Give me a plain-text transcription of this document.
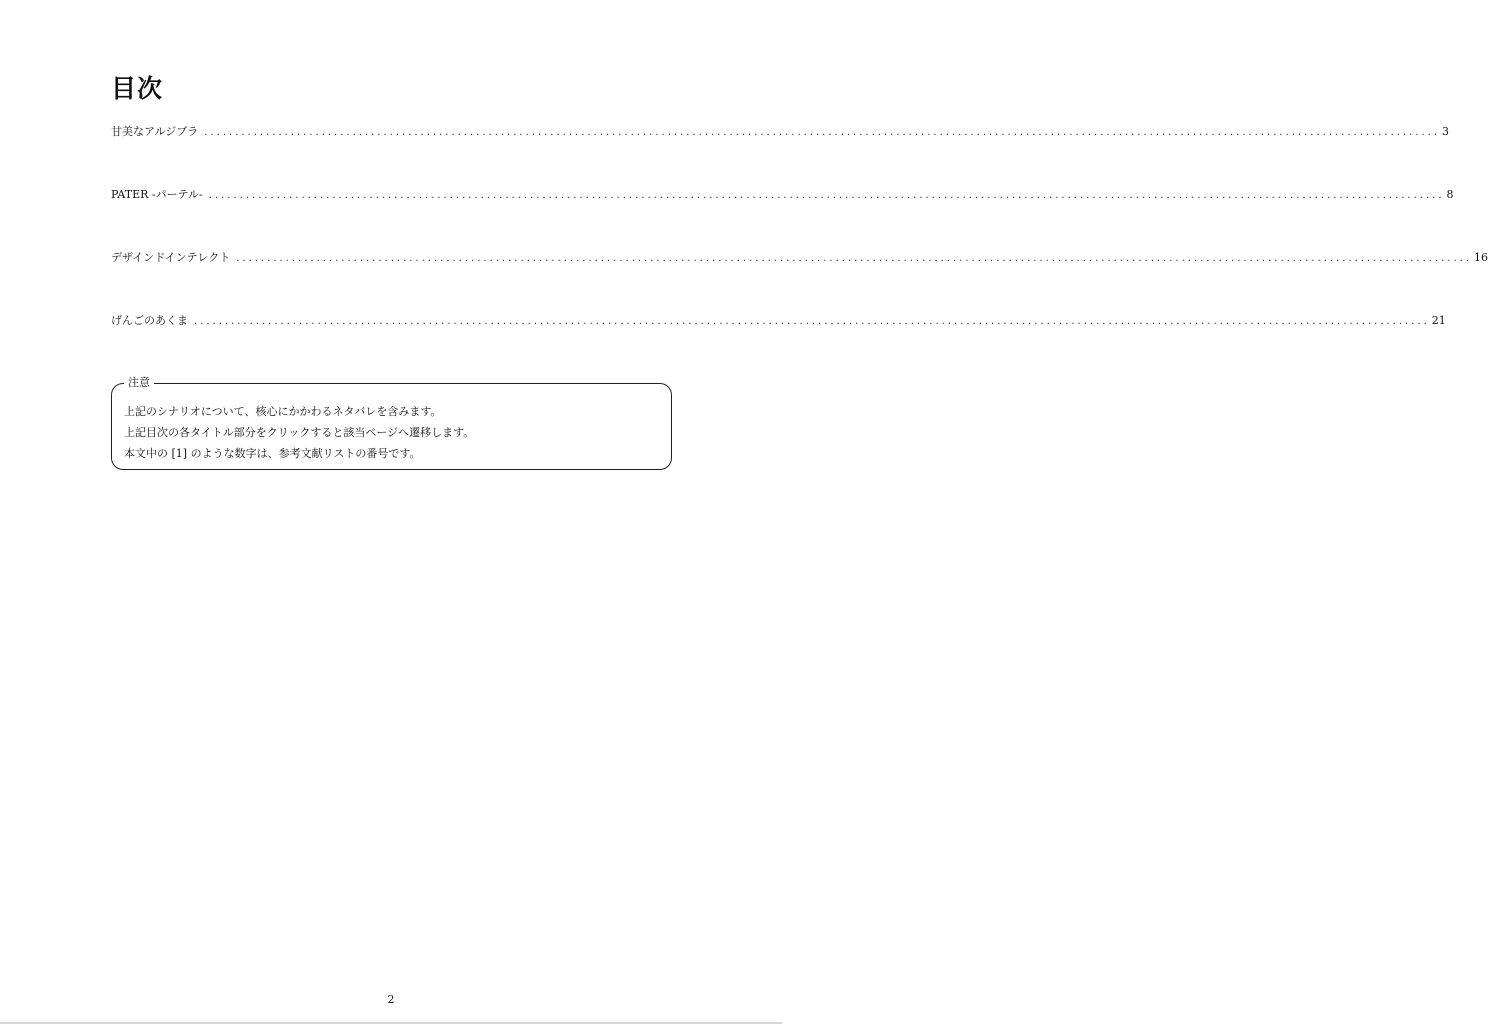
目次
甘美なアルジブラ ........................................................................................................................................................................................................ 3
PATER -パーテル- ........................................................................................................................................................................................................ 8
デザインドインテレクト ........................................................................................................................................................................................................ 16
げんごのあくま ........................................................................................................................................................................................................ 21
注意
上記のシナリオについて、核心にかかわるネタバレを含みます。
上記目次の各タイトル部分をクリックすると該当ページへ遷移します。
本文中の [1] のような数字は、参考文献リストの番号です。
2
